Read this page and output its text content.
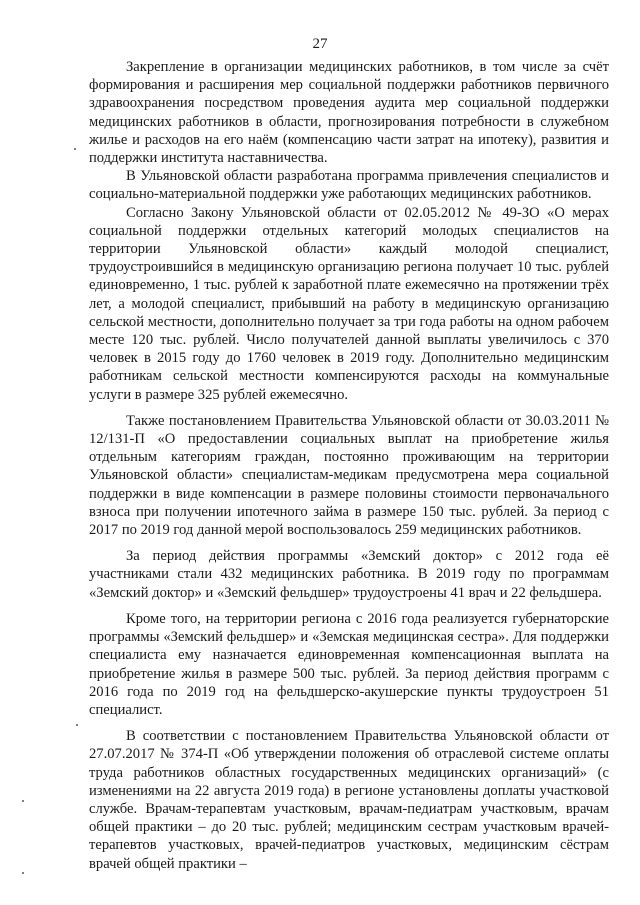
27

Закрепление в организации медицинских работников, в том числе за счёт формирования и расширения мер социальной поддержки работников первичного здравоохранения посредством проведения аудита мер социальной поддержки медицинских работников в области, прогнозирования потребности в служебном жилье и расходов на его наём (компенсацию части затрат на ипотеку), развития и поддержки института наставничества.

В Ульяновской области разработана программа привлечения специалистов и социально-материальной поддержки уже работающих медицинских работников.

Согласно Закону Ульяновской области от 02.05.2012 № 49-ЗО «О мерах социальной поддержки отдельных категорий молодых специалистов на территории Ульяновской области» каждый молодой специалист, трудоустроившийся в медицинскую организацию региона получает 10 тыс. рублей единовременно, 1 тыс. рублей к заработной плате ежемесячно на протяжении трёх лет, а молодой специалист, прибывший на работу в медицинскую организацию сельской местности, дополнительно получает за три года работы на одном рабочем месте 120 тыс. рублей. Число получателей данной выплаты увеличилось с 370 человек в 2015 году до 1760 человек в 2019 году. Дополнительно медицинским работникам сельской местности компенсируются расходы на коммунальные услуги в размере 325 рублей ежемесячно.

Также постановлением Правительства Ульяновской области от 30.03.2011 № 12/131-П «О предоставлении социальных выплат на приобретение жилья отдельным категориям граждан, постоянно проживающим на территории Ульяновской области» специалистам-медикам предусмотрена мера социальной поддержки в виде компенсации в размере половины стоимости первоначального взноса при получении ипотечного займа в размере 150 тыс. рублей. За период с 2017 по 2019 год данной мерой воспользовалось 259 медицинских работников.

За период действия программы «Земский доктор» с 2012 года её участниками стали 432 медицинских работника. В 2019 году по программам «Земский доктор» и «Земский фельдшер» трудоустроены 41 врач и 22 фельдшера.

Кроме того, на территории региона с 2016 года реализуется губернаторские программы «Земский фельдшер» и «Земская медицинская сестра». Для поддержки специалиста ему назначается единовременная компенсационная выплата на приобретение жилья в размере 500 тыс. рублей. За период действия программ с 2016 года по 2019 год на фельдшерско-акушерские пункты трудоустроен 51 специалист.

В соответствии с постановлением Правительства Ульяновской области от 27.07.2017 № 374-П «Об утверждении положения об отраслевой системе оплаты труда работников областных государственных медицинских организаций» (с изменениями на 22 августа 2019 года) в регионе установлены доплаты участковой службе. Врачам-терапевтам участковым, врачам-педиатрам участковым, врачам общей практики – до 20 тыс. рублей; медицинским сестрам участковым врачей-терапевтов участковых, врачей-педиатров участковых, медицинским сёстрам врачей общей практики –
